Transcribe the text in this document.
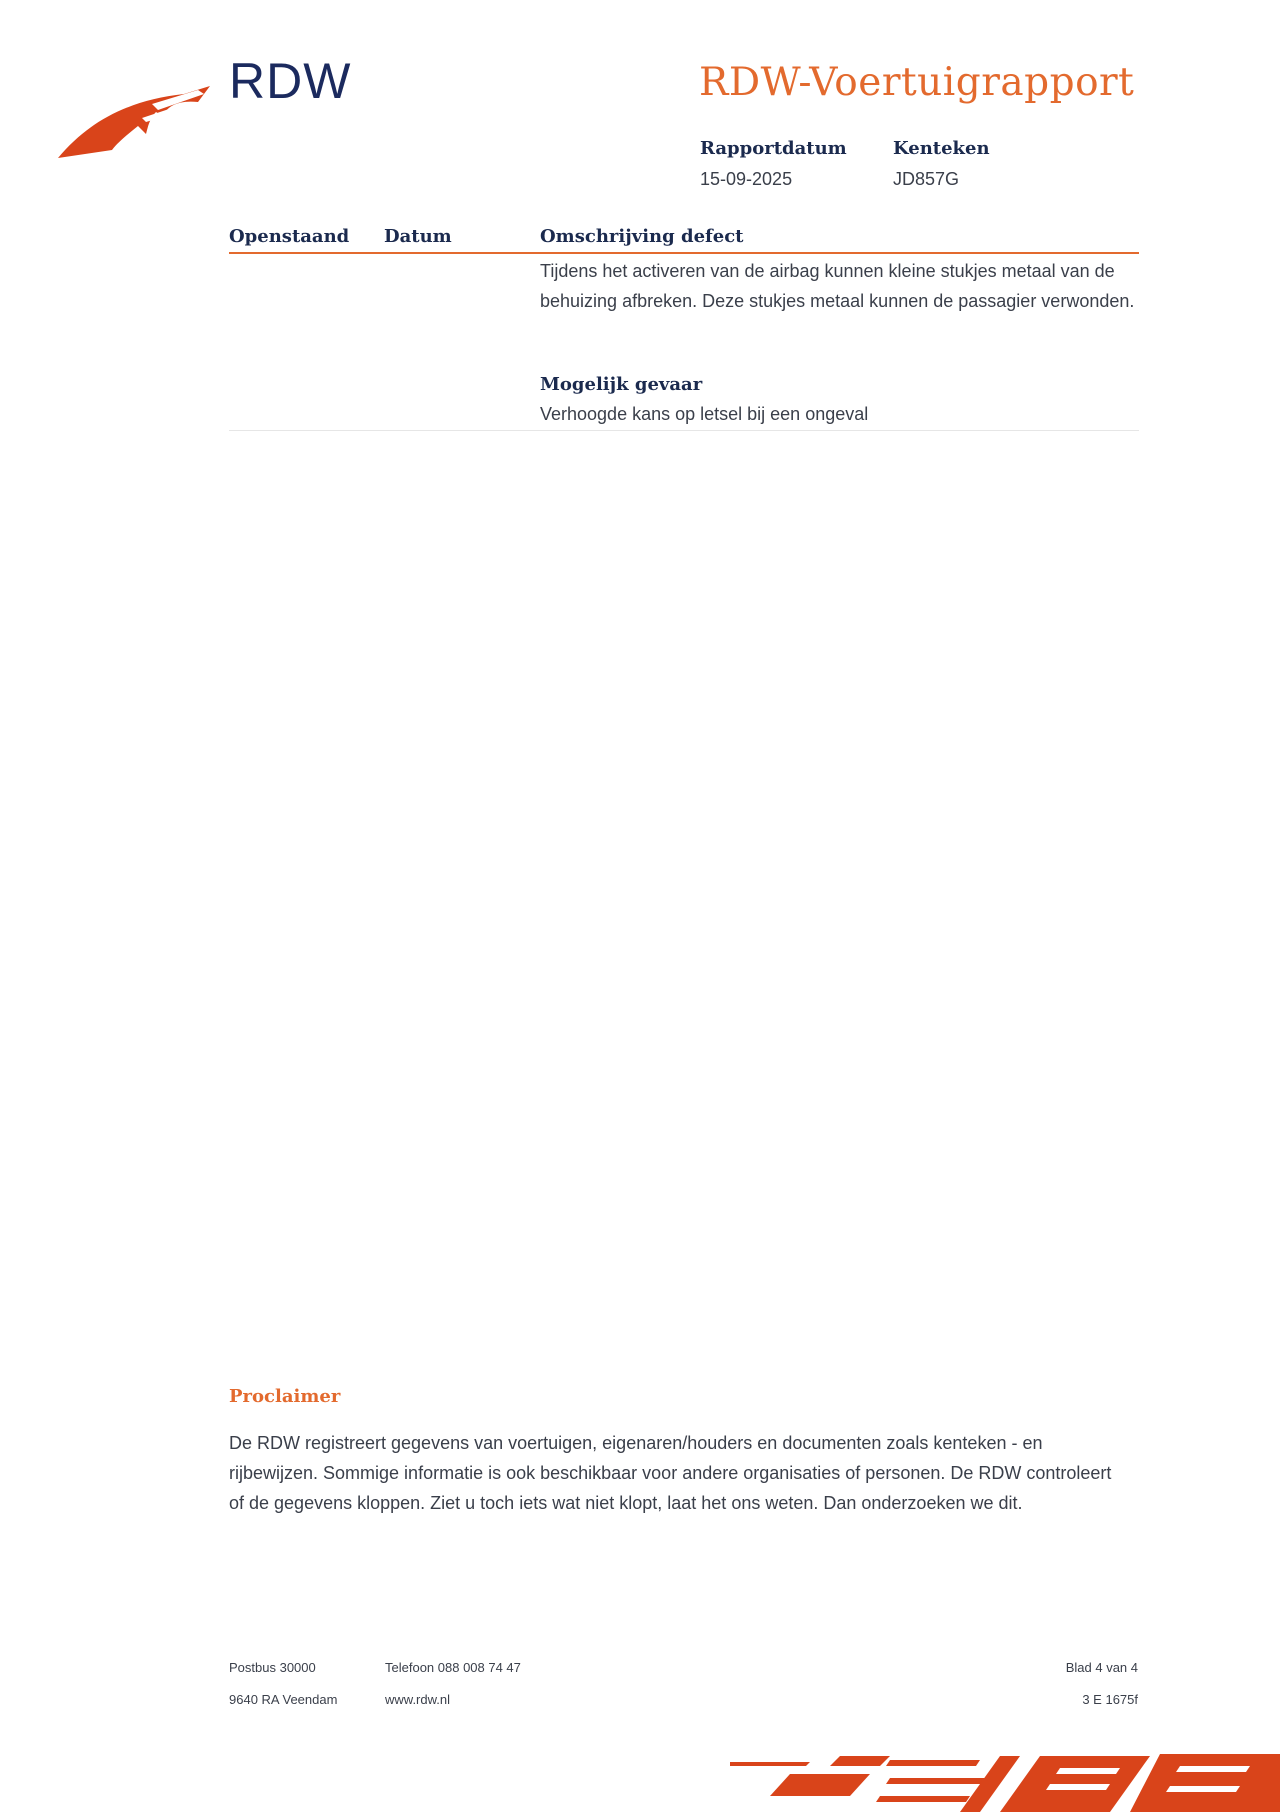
RDW	RDW-Voertuigrapport
Rapportdatum
15-09-2025
Kenteken
JD857G
Openstaand Datum	Omschrijving defect
Tijdens het activeren van de airbag kunnen kleine stukjes metaal van de behuizing afbreken. Deze stukjes metaal kunnen de passagier verwonden.
Mogelijk gevaar
Verhoogde kans op letsel bij een ongeval
Proclaimer
De RDW registreert gegevens van voertuigen, eigenaren/houders en documenten zoals kenteken - en rijbewijzen. Sommige informatie is ook beschikbaar voor andere organisaties of personen. De RDW controleert of de gegevens kloppen. Ziet u toch iets wat niet klopt, laat het ons weten. Dan onderzoeken we dit.
Postbus 30000
9640 RA Veendam
Telefoon 088 008 74 47
www.rdw.nl
Blad 4 van 4
3 E 1675f
